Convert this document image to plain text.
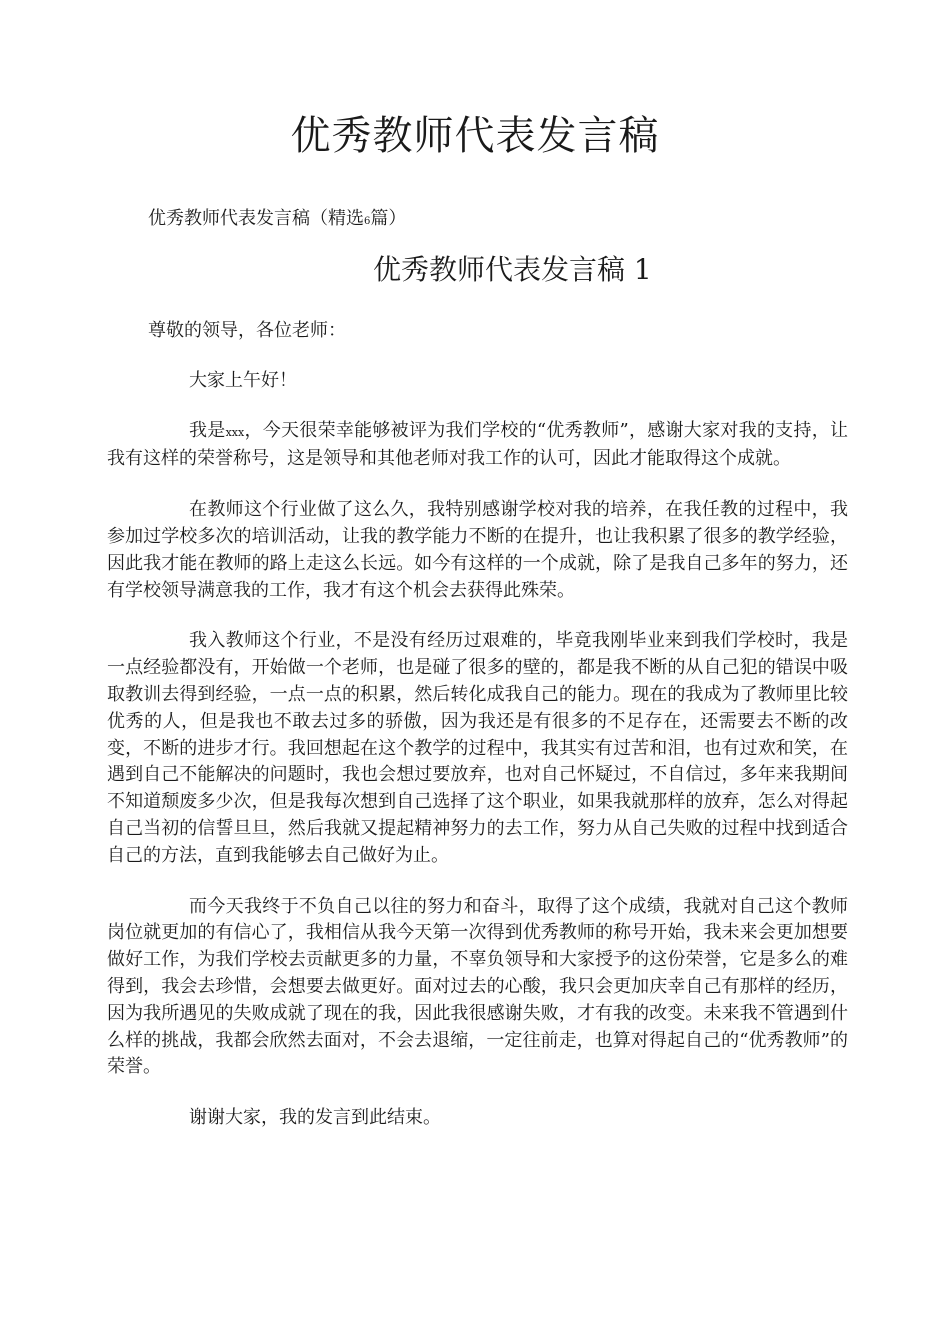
优秀教师代表发言稿

优秀教师代表发言稿（精选6篇）

优秀教师代表发言稿 1

尊敬的领导，各位老师：

大家上午好！

我是xxx，今天很荣幸能够被评为我们学校的“优秀教师”，感谢大家对我的支持，让我有这样的荣誉称号，这是领导和其他老师对我工作的认可，因此才能取得这个成就。

在教师这个行业做了这么久，我特别感谢学校对我的培养，在我任教的过程中，我参加过学校多次的培训活动，让我的教学能力不断的在提升，也让我积累了很多的教学经验，因此我才能在教师的路上走这么长远。如今有这样的一个成就，除了是我自己多年的努力，还有学校领导满意我的工作，我才有这个机会去获得此殊荣。

我入教师这个行业，不是没有经历过艰难的，毕竟我刚毕业来到我们学校时，我是一点经验都没有，开始做一个老师，也是碰了很多的壁的，都是我不断的从自己犯的错误中吸取教训去得到经验，一点一点的积累，然后转化成我自己的能力。现在的我成为了教师里比较优秀的人，但是我也不敢去过多的骄傲，因为我还是有很多的不足存在，还需要去不断的改变，不断的进步才行。我回想起在这个教学的过程中，我其实有过苦和泪，也有过欢和笑，在遇到自己不能解决的问题时，我也会想过要放弃，也对自己怀疑过，不自信过，多年来我期间不知道颓废多少次，但是我每次想到自己选择了这个职业，如果我就那样的放弃，怎么对得起自己当初的信誓旦旦，然后我就又提起精神努力的去工作，努力从自己失败的过程中找到适合自己的方法，直到我能够去自己做好为止。

而今天我终于不负自己以往的努力和奋斗，取得了这个成绩，我就对自己这个教师岗位就更加的有信心了，我相信从我今天第一次得到优秀教师的称号开始，我未来会更加想要做好工作，为我们学校去贡献更多的力量，不辜负领导和大家授予的这份荣誉，它是多么的难得到，我会去珍惜，会想要去做更好。面对过去的心酸，我只会更加庆幸自己有那样的经历，因为我所遇见的失败成就了现在的我，因此我很感谢失败，才有我的改变。未来我不管遇到什么样的挑战，我都会欣然去面对，不会去退缩，一定往前走，也算对得起自己的“优秀教师”的荣誉。

谢谢大家，我的发言到此结束。
